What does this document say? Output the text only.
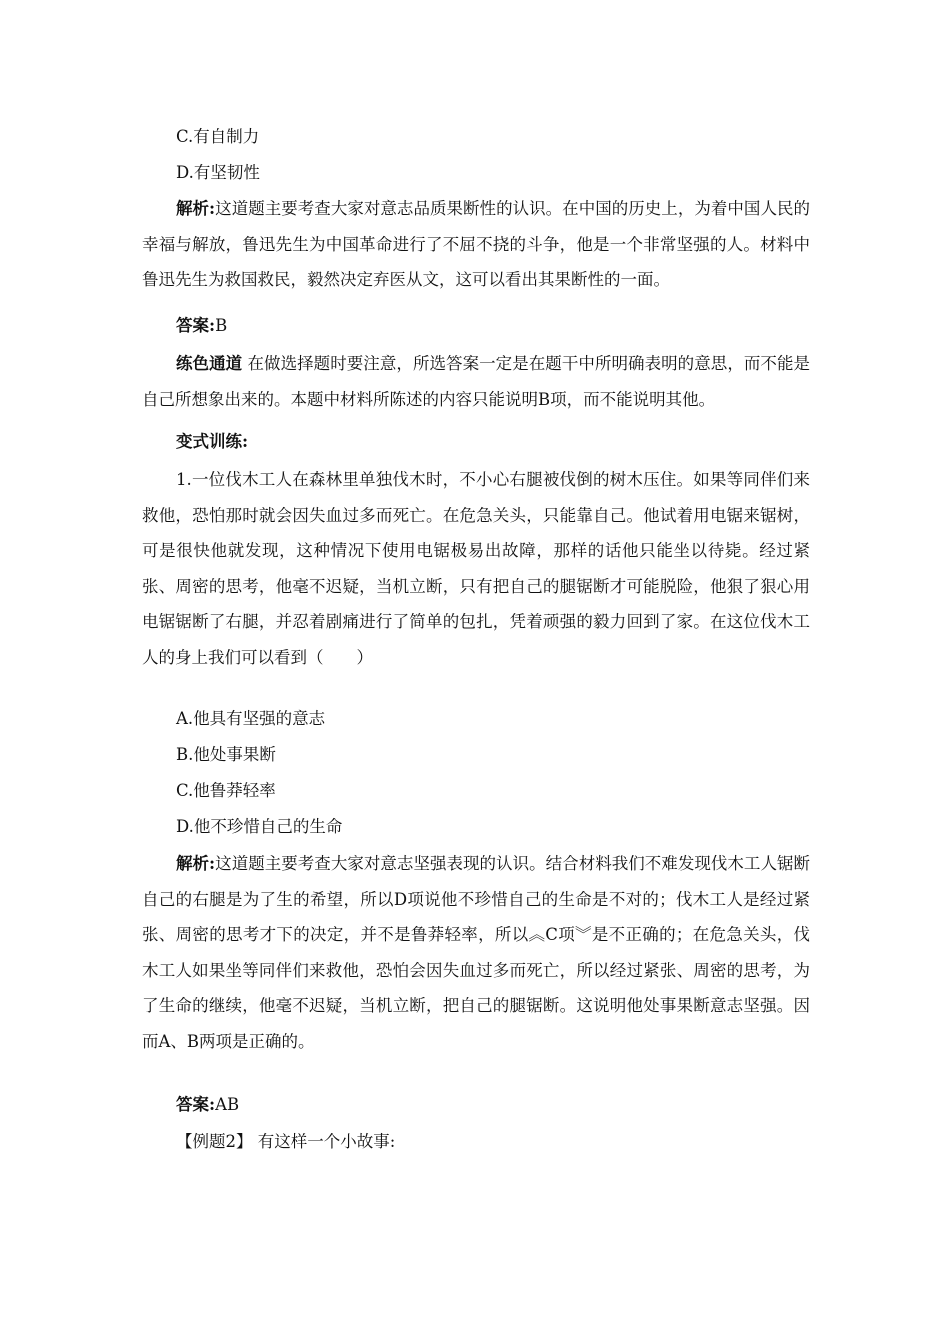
C.有自制力

D.有坚韧性

解析:这道题主要考查大家对意志品质果断性的认识。在中国的历史上，为着中国人民的幸福与解放，鲁迅先生为中国革命进行了不屈不挠的斗争，他是一个非常坚强的人。材料中鲁迅先生为救国救民，毅然决定弃医从文，这可以看出其果断性的一面。

答案:B

练色通道 在做选择题时要注意，所选答案一定是在题干中所明确表明的意思，而不能是自己所想象出来的。本题中材料所陈述的内容只能说明B项，而不能说明其他。

变式训练:

1.一位伐木工人在森林里单独伐木时，不小心右腿被伐倒的树木压住。如果等同伴们来救他，恐怕那时就会因失血过多而死亡。在危急关头，只能靠自己。他试着用电锯来锯树，可是很快他就发现，这种情况下使用电锯极易出故障，那样的话他只能坐以待毙。经过紧张、周密的思考，他毫不迟疑，当机立断，只有把自己的腿锯断才可能脱险，他狠了狠心用电锯锯断了右腿，并忍着剧痛进行了简单的包扎，凭着顽强的毅力回到了家。在这位伐木工人的身上我们可以看到（　　）

A.他具有坚强的意志

B.他处事果断

C.他鲁莽轻率

D.他不珍惜自己的生命

解析:这道题主要考查大家对意志坚强表现的认识。结合材料我们不难发现伐木工人锯断自己的右腿是为了生的希望，所以D项说他不珍惜自己的生命是不对的；伐木工人是经过紧张、周密的思考才下的决定，并不是鲁莽轻率，所以︽C项︾是不正确的；在危急关头，伐木工人如果坐等同伴们来救他，恐怕会因失血过多而死亡，所以经过紧张、周密的思考，为了生命的继续，他毫不迟疑，当机立断，把自己的腿锯断。这说明他处事果断意志坚强。因而A、B两项是正确的。

答案:AB

【例题2】 有这样一个小故事:
